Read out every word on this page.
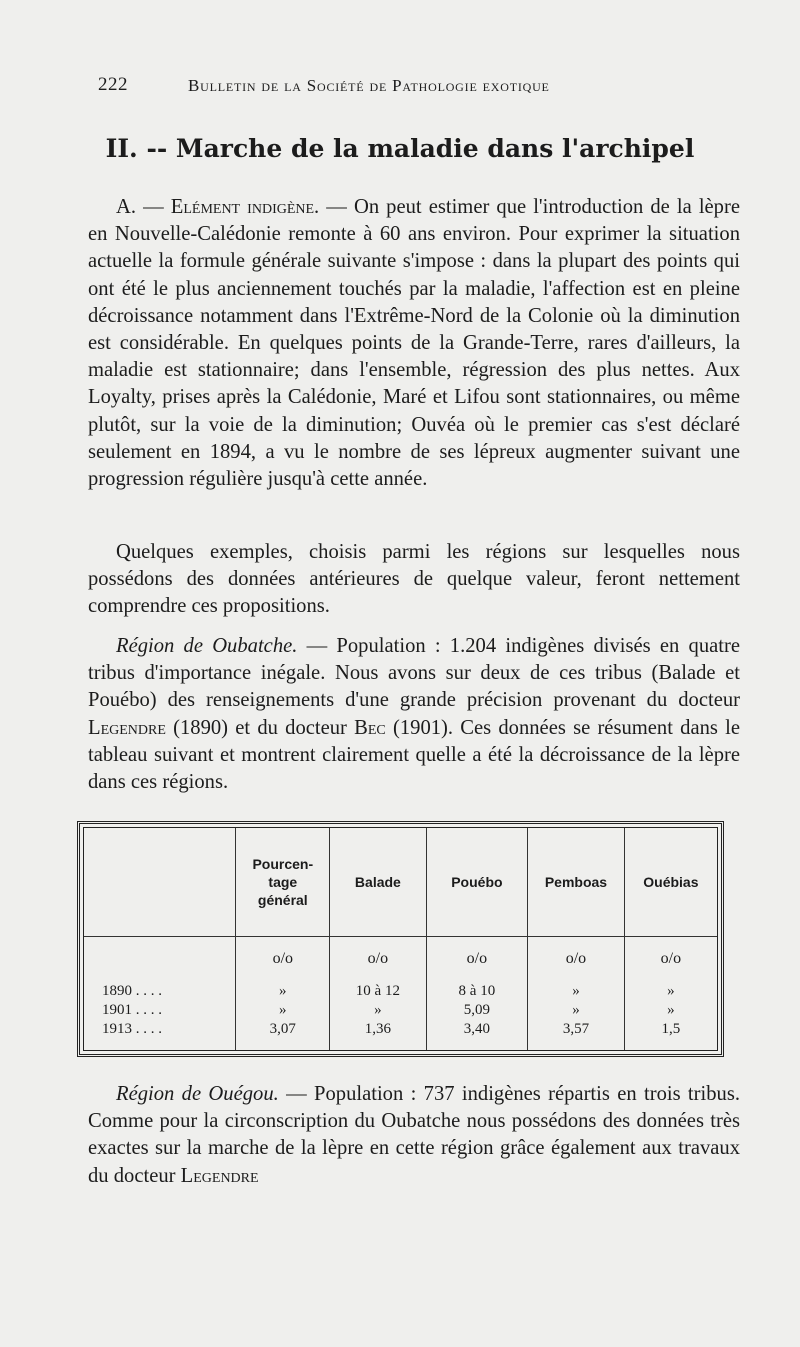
222	Bulletin de la Société de Pathologie exotique
II. -- Marche de la maladie dans l'archipel
A. — Elément indigène. — On peut estimer que l'introduction de la lèpre en Nouvelle-Calédonie remonte à 60 ans environ. Pour exprimer la situation actuelle la formule générale suivante s'impose : dans la plupart des points qui ont été le plus anciennement touchés par la maladie, l'affection est en pleine décroissance notamment dans l'Extrême-Nord de la Colonie où la diminution est considérable. En quelques points de la Grande-Terre, rares d'ailleurs, la maladie est stationnaire; dans l'ensemble, régression des plus nettes. Aux Loyalty, prises après la Calédonie, Maré et Lifou sont stationnaires, ou même plutôt, sur la voie de la diminution; Ouvéa où le premier cas s'est déclaré seulement en 1894, a vu le nombre de ses lépreux augmenter suivant une progression régulière jusqu'à cette année.
Quelques exemples, choisis parmi les régions sur lesquelles nous possédons des données antérieures de quelque valeur, feront nettement comprendre ces propositions.
Région de Oubatche. — Population : 1.204 indigènes divisés en quatre tribus d'importance inégale. Nous avons sur deux de ces tribus (Balade et Pouébo) des renseignements d'une grande précision provenant du docteur Legendre (1890) et du docteur Bec (1901). Ces données se résument dans le tableau suivant et montrent clairement quelle a été la décroissance de la lèpre dans ces régions.
	Pourcen-
tage
général	Balade	Pouébo	Pemboas	Ouébias
	o/o	o/o	o/o	o/o	o/o
1890 . . . .	»	10 à 12	8 à 10	»	»
1901 . . . .	»	»	5,09	»	»
1913 . . . .	3,07	1,36	3,40	3,57	1,5

Région de Ouégou. — Population : 737 indigènes répartis en trois tribus. Comme pour la circonscription du Oubatche nous possédons des données très exactes sur la marche de la lèpre en cette région grâce également aux travaux du docteur Legendre
